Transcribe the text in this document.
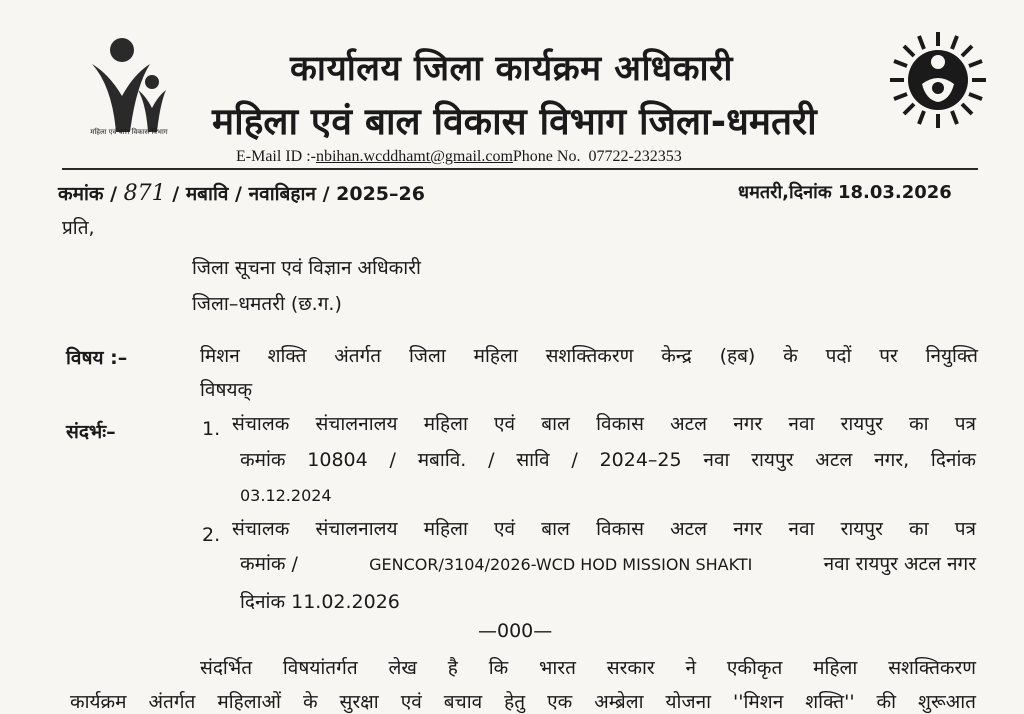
महिला एवं बाल विकास विभाग
कार्यालय जिला कार्यक्रम अधिकारी
महिला एवं बाल विकास विभाग जिला-धमतरी
E-Mail ID :-nbihan.wcddhamt@gmail.comPhone No. 07722-232353
कमांक / 871 / मबावि / नवाबिहान / 2025–26	धमतरी,दिनांक 18.03.2026
प्रति,
जिला सूचना एवं विज्ञान अधिकारी
जिला–धमतरी (छ.ग.)
विषय :–	मिशन शक्ति अंतर्गत जिला महिला सशक्तिकरण केन्द्र (हब) के पदों पर नियुक्ति
विषयक्
संदर्भः–	1. संचालक संचालनालय महिला एवं बाल विकास अटल नगर नवा रायपुर का पत्र
कमांक 10804 / मबावि. / सावि / 2024–25 नवा रायपुर अटल नगर, दिनांक
03.12.2024
2. संचालक संचालनालय महिला एवं बाल विकास अटल नगर नवा रायपुर का पत्र
कमांक /	GENCOR/3104/2026-WCD HOD MISSION SHAKTI	नवा रायपुर अटल नगर
दिनांक 11.02.2026
—000—
संदर्भित विषयांतर्गत लेख है कि भारत सरकार ने एकीकृत महिला सशक्तिकरण
कार्यक्रम अंतर्गत महिलाओं के सुरक्षा एवं बचाव हेतु एक अम्ब्रेला योजना ''मिशन शक्ति'' की शुरूआत
